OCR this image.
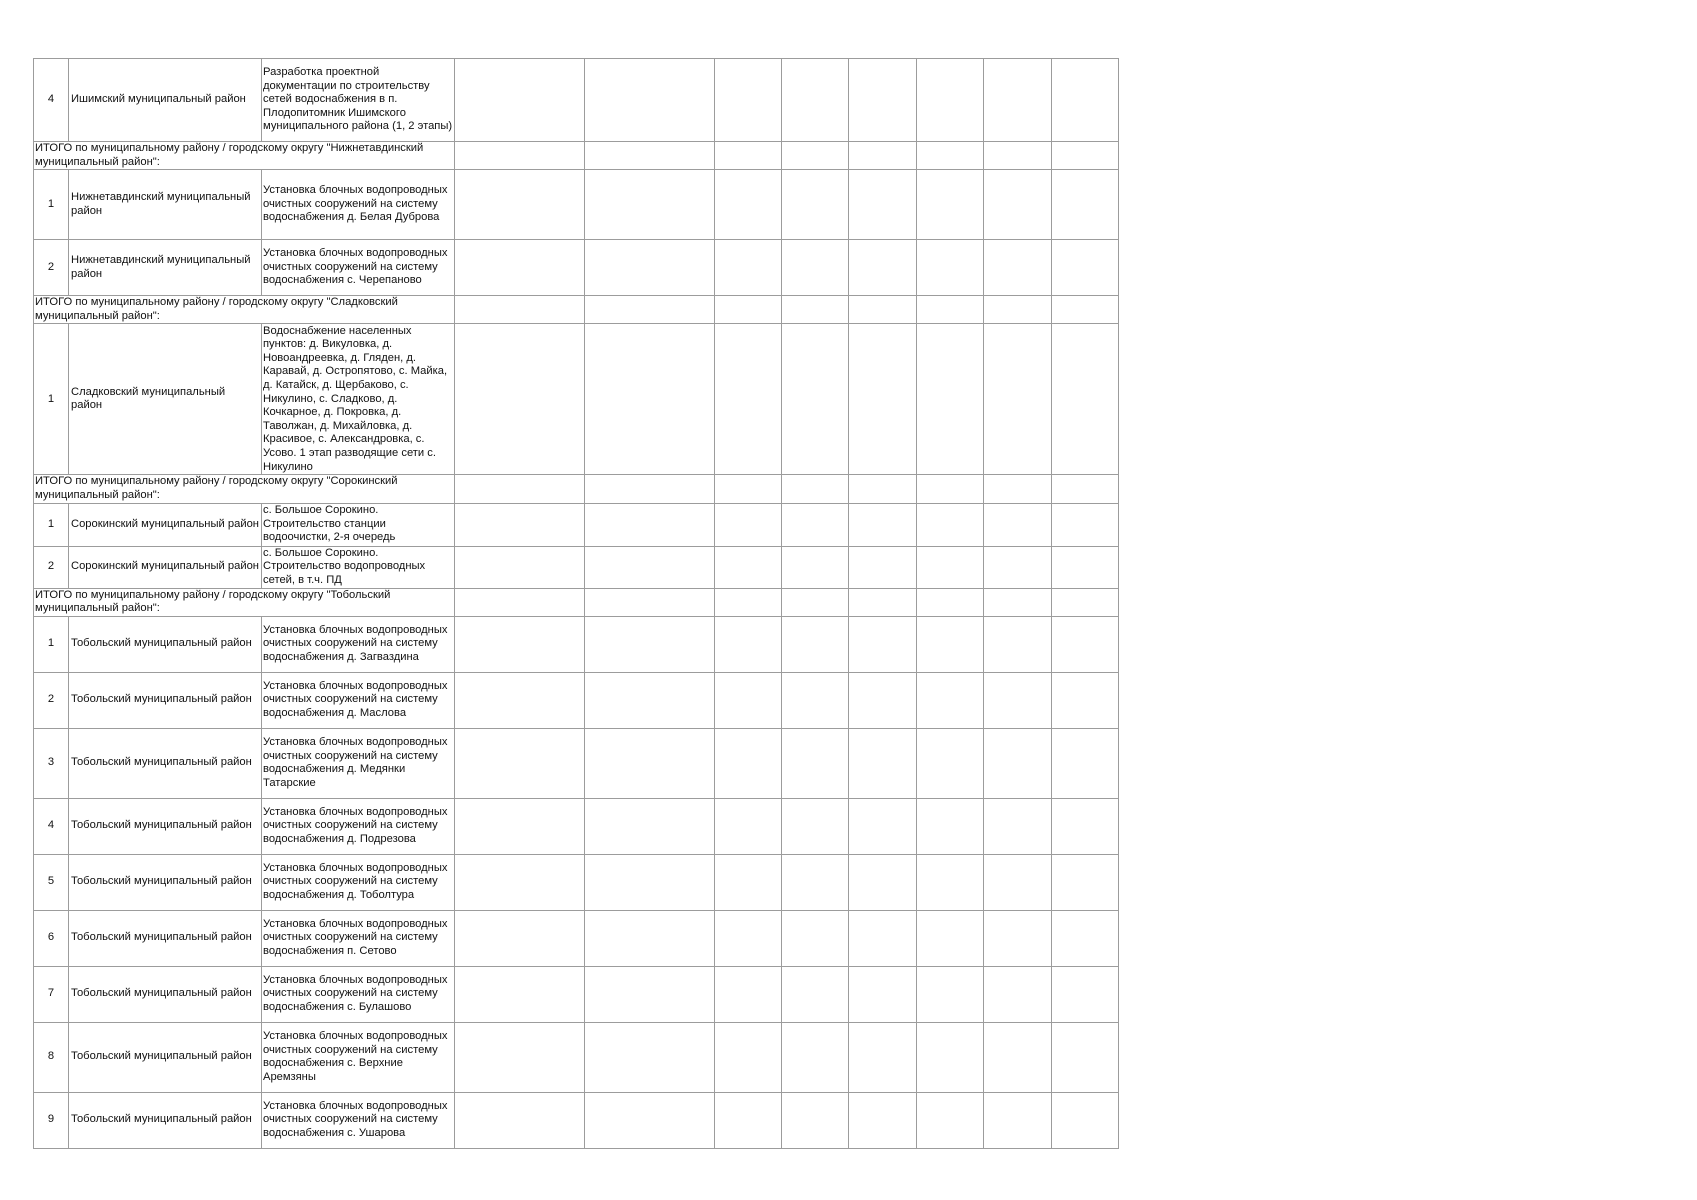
4	Ишимский муниципальный район	Разработка проектной документации по строительству сетей водоснабжения в п. Плодопитомник Ишимского муниципального района (1, 2 этапы)								
ИТОГО по муниципальному району / городскому округу "Нижнетавдинский муниципальный район":										
1	Нижнетавдинский муниципальный район	Установка блочных водопроводных очистных сооружений на систему водоснабжения д. Белая Дуброва								
2	Нижнетавдинский муниципальный район	Установка блочных водопроводных очистных сооружений на систему водоснабжения с. Черепаново								
ИТОГО по муниципальному району / городскому округу "Сладковский муниципальный район":										
1	Сладковский муниципальный район	Водоснабжение населенных пунктов: д. Викуловка, д. Новоандреевка, д. Гляден, д. Каравай, д. Остропятово, с. Майка, д. Катайск, д. Щербаково, с. Никулино, с. Сладково, д. Кочкарное, д. Покровка, д. Таволжан, д. Михайловка, д. Красивое, с. Александровка, с. Усово. 1 этап разводящие сети с. Никулино								
ИТОГО по муниципальному району / городскому округу "Сорокинский муниципальный район":										
1	Сорокинский муниципальный район	с. Большое Сорокино. Строительство станции водоочистки, 2-я очередь								
2	Сорокинский муниципальный район	с. Большое Сорокино. Строительство водопроводных сетей, в т.ч. ПД								
ИТОГО по муниципальному району / городскому округу "Тобольский муниципальный район":										
1	Тобольский муниципальный район	Установка блочных водопроводных очистных сооружений на систему водоснабжения д. Загваздина								
2	Тобольский муниципальный район	Установка блочных водопроводных очистных сооружений на систему водоснабжения д. Маслова								
3	Тобольский муниципальный район	Установка блочных водопроводных очистных сооружений на систему водоснабжения д. Медянки Татарские								
4	Тобольский муниципальный район	Установка блочных водопроводных очистных сооружений на систему водоснабжения д. Подрезова								
5	Тобольский муниципальный район	Установка блочных водопроводных очистных сооружений на систему водоснабжения д. Тоболтура								
6	Тобольский муниципальный район	Установка блочных водопроводных очистных сооружений на систему водоснабжения п. Сетово								
7	Тобольский муниципальный район	Установка блочных водопроводных очистных сооружений на систему водоснабжения с. Булашово								
8	Тобольский муниципальный район	Установка блочных водопроводных очистных сооружений на систему водоснабжения с. Верхние Аремзяны								
9	Тобольский муниципальный район	Установка блочных водопроводных очистных сооружений на систему водоснабжения с. Ушарова								
